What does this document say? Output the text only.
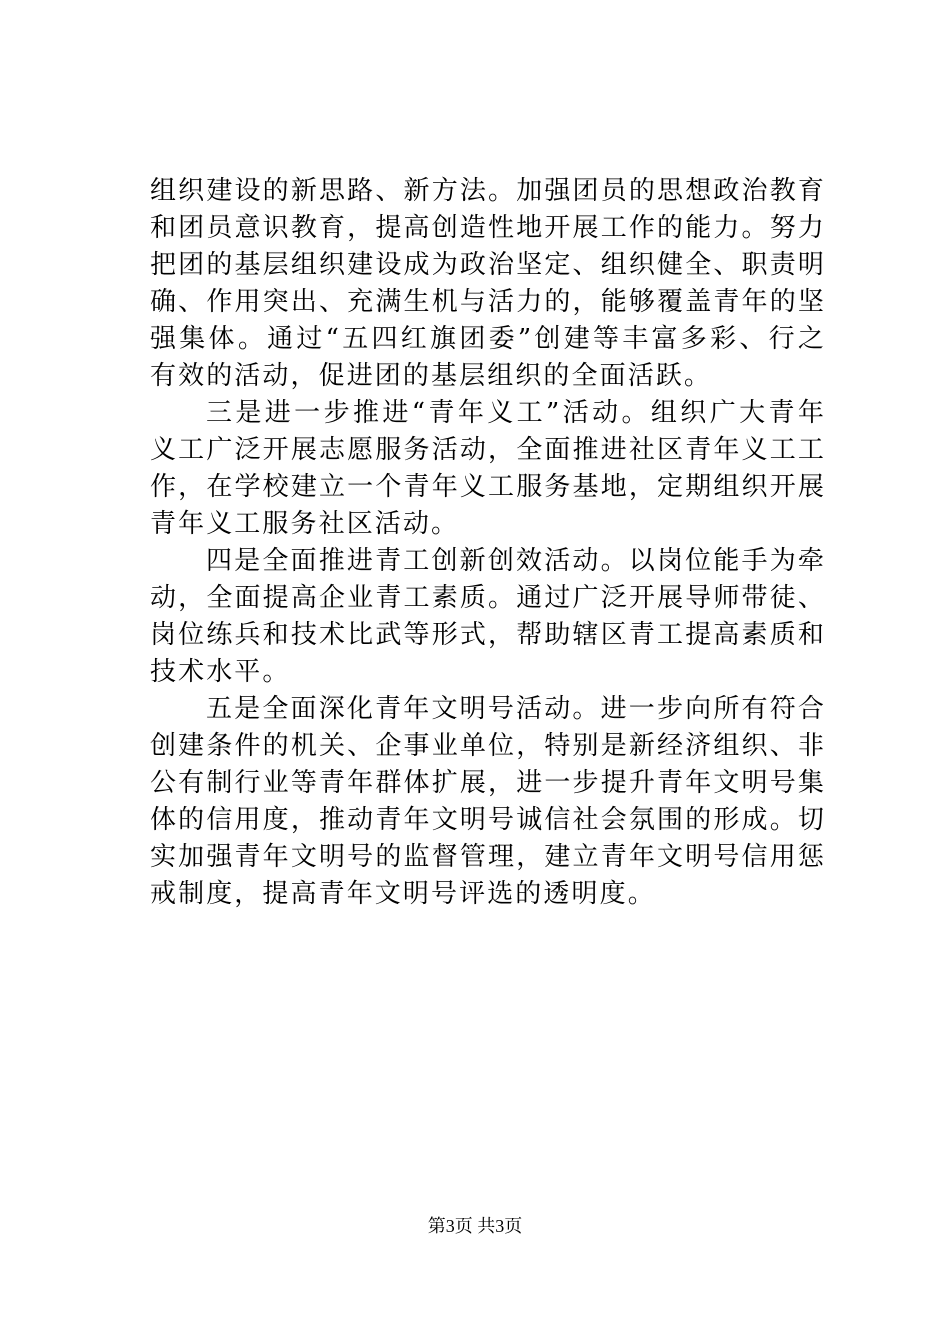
组织建设的新思路、新方法。加强团员的思想政治教育和团员意识教育，提高创造性地开展工作的能力。努力把团的基层组织建设成为政治坚定、组织健全、职责明确、作用突出、充满生机与活力的，能够覆盖青年的坚强集体。通过“五四红旗团委”创建等丰富多彩、行之有效的活动，促进团的基层组织的全面活跃。

三是进一步推进“青年义工”活动。组织广大青年义工广泛开展志愿服务活动，全面推进社区青年义工工作，在学校建立一个青年义工服务基地，定期组织开展青年义工服务社区活动。

四是全面推进青工创新创效活动。以岗位能手为牵动，全面提高企业青工素质。通过广泛开展导师带徒、岗位练兵和技术比武等形式，帮助辖区青工提高素质和技术水平。

五是全面深化青年文明号活动。进一步向所有符合创建条件的机关、企事业单位，特别是新经济组织、非公有制行业等青年群体扩展，进一步提升青年文明号集体的信用度，推动青年文明号诚信社会氛围的形成。切实加强青年文明号的监督管理，建立青年文明号信用惩戒制度，提高青年文明号评选的透明度。

第3页 共3页
